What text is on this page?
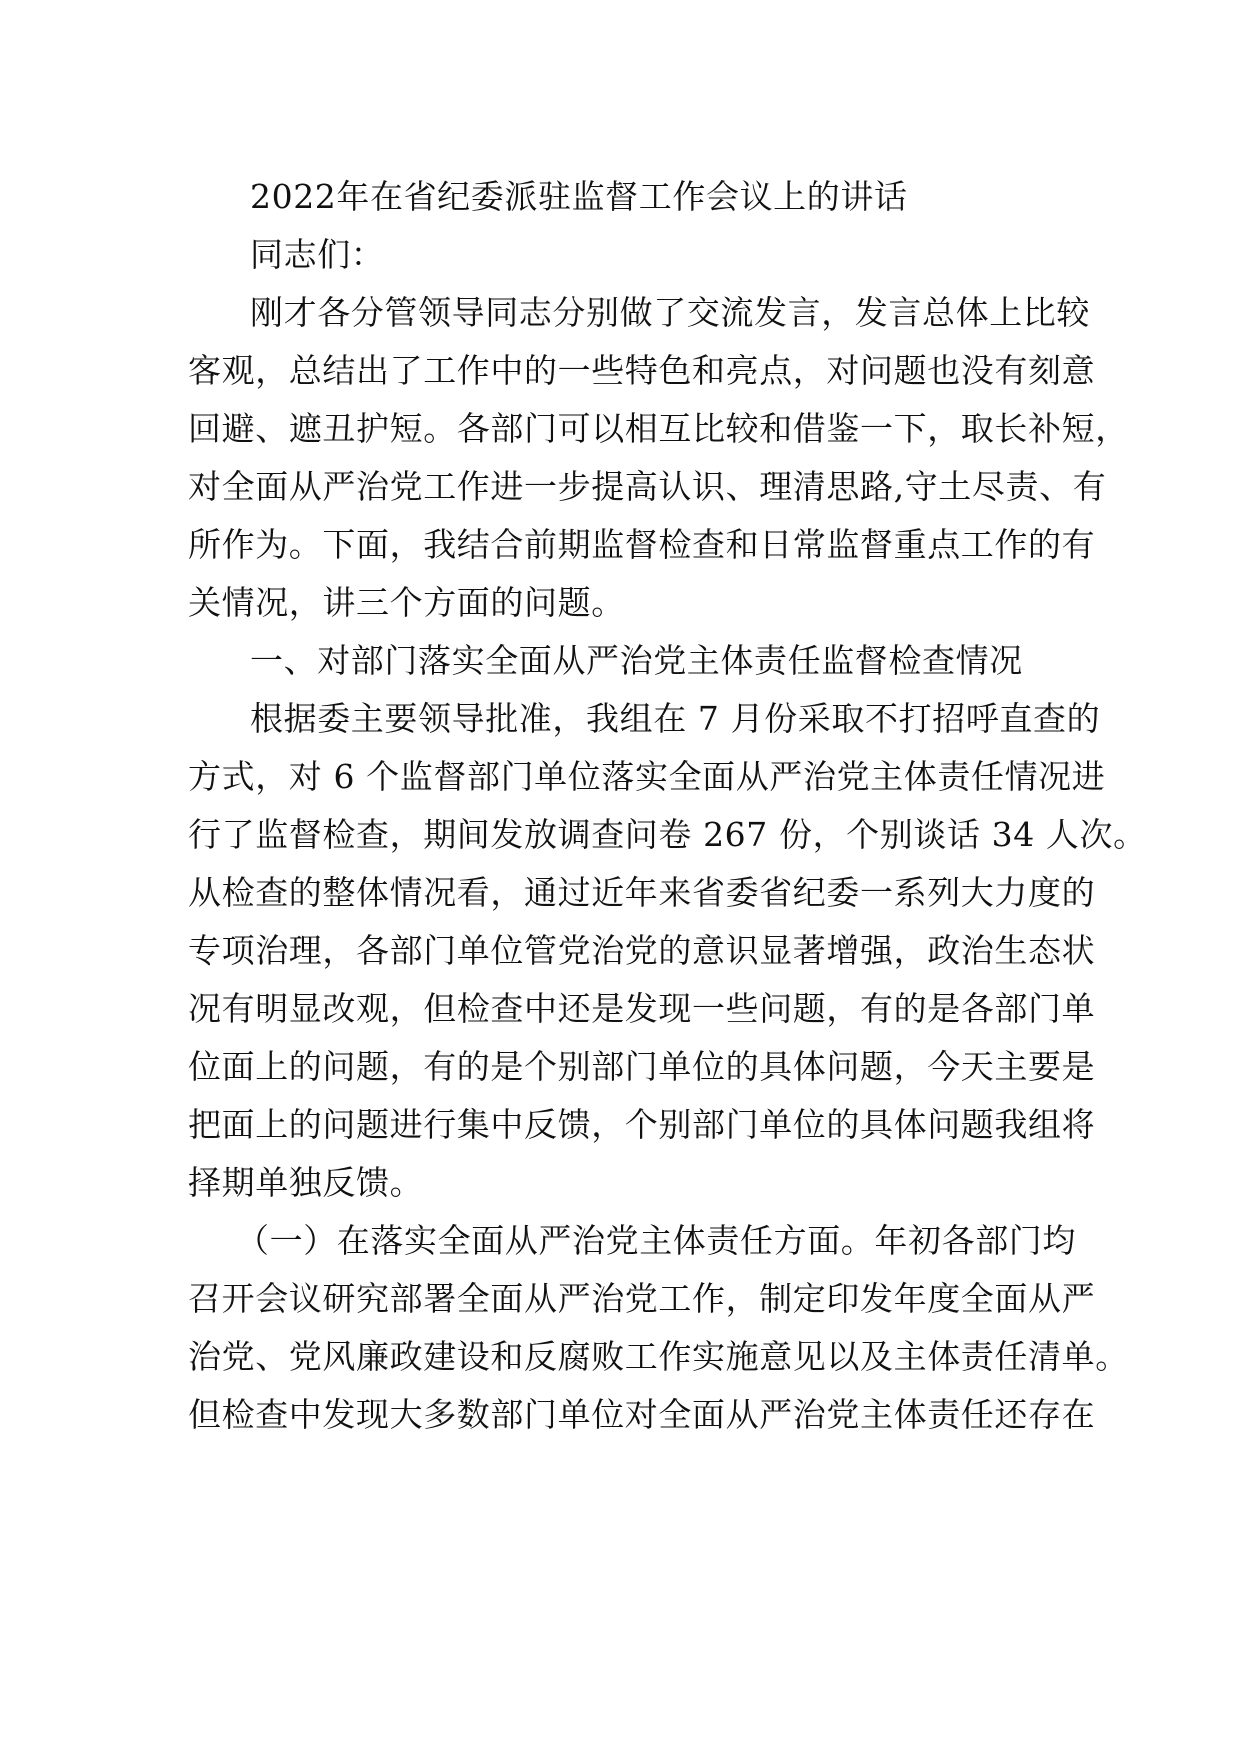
2022年在省纪委派驻监督工作会议上的讲话
同志们：
刚才各分管领导同志分别做了交流发言，发言总体上比较
客观，总结出了工作中的一些特色和亮点，对问题也没有刻意
回避、遮丑护短。各部门可以相互比较和借鉴一下，取长补短，
对全面从严治党工作进一步提高认识、理清思路,守土尽责、有
所作为。下面，我结合前期监督检查和日常监督重点工作的有
关情况，讲三个方面的问题。
一、对部门落实全面从严治党主体责任监督检查情况
根据委主要领导批准，我组在 7 月份采取不打招呼直查的
方式，对 6 个监督部门单位落实全面从严治党主体责任情况进
行了监督检查，期间发放调查问卷 267 份，个别谈话 34 人次。
从检查的整体情况看，通过近年来省委省纪委一系列大力度的
专项治理，各部门单位管党治党的意识显著增强，政治生态状
况有明显改观，但检查中还是发现一些问题，有的是各部门单
位面上的问题，有的是个别部门单位的具体问题，今天主要是
把面上的问题进行集中反馈，个别部门单位的具体问题我组将
择期单独反馈。
（一）在落实全面从严治党主体责任方面。年初各部门均
召开会议研究部署全面从严治党工作，制定印发年度全面从严
治党、党风廉政建设和反腐败工作实施意见以及主体责任清单。
但检查中发现大多数部门单位对全面从严治党主体责任还存在
